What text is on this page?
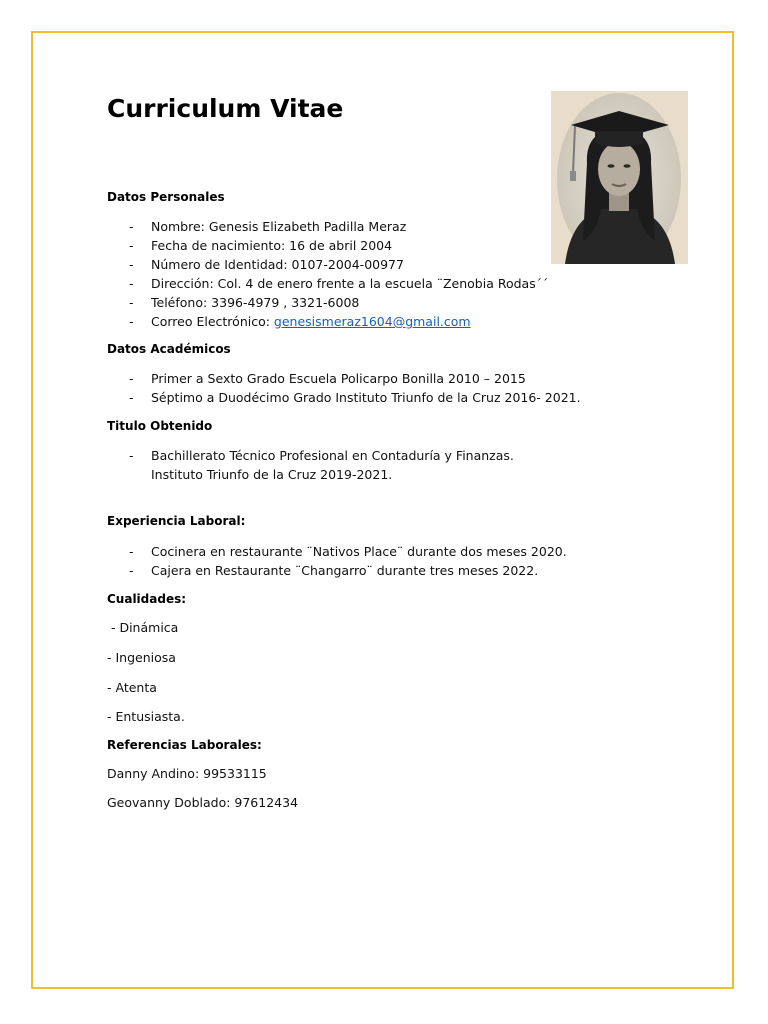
Curriculum Vitae
Datos Personales
- Nombre: Genesis Elizabeth Padilla Meraz
- Fecha de nacimiento: 16 de abril 2004
- Número de Identidad: 0107-2004-00977
- Dirección: Col. 4 de enero frente a la escuela ¨Zenobia Rodas´´
- Teléfono: 3396-4979 , 3321-6008
- Correo Electrónico: genesismeraz1604@gmail.com
Datos Académicos
- Primer a Sexto Grado Escuela Policarpo Bonilla 2010 – 2015
- Séptimo a Duodécimo Grado Instituto Triunfo de la Cruz 2016- 2021.
Titulo Obtenido
- Bachillerato Técnico Profesional en Contaduría y Finanzas.
Instituto Triunfo de la Cruz 2019-2021.
Experiencia Laboral:
- Cocinera en restaurante ¨Nativos Place¨ durante dos meses 2020.
- Cajera en Restaurante ¨Changarro¨ durante tres meses 2022.
Cualidades:

- Dinámica

- Ingeniosa

- Atenta

- Entusiasta.

Referencias Laborales:

Danny Andino: 99533115

Geovanny Doblado: 97612434
